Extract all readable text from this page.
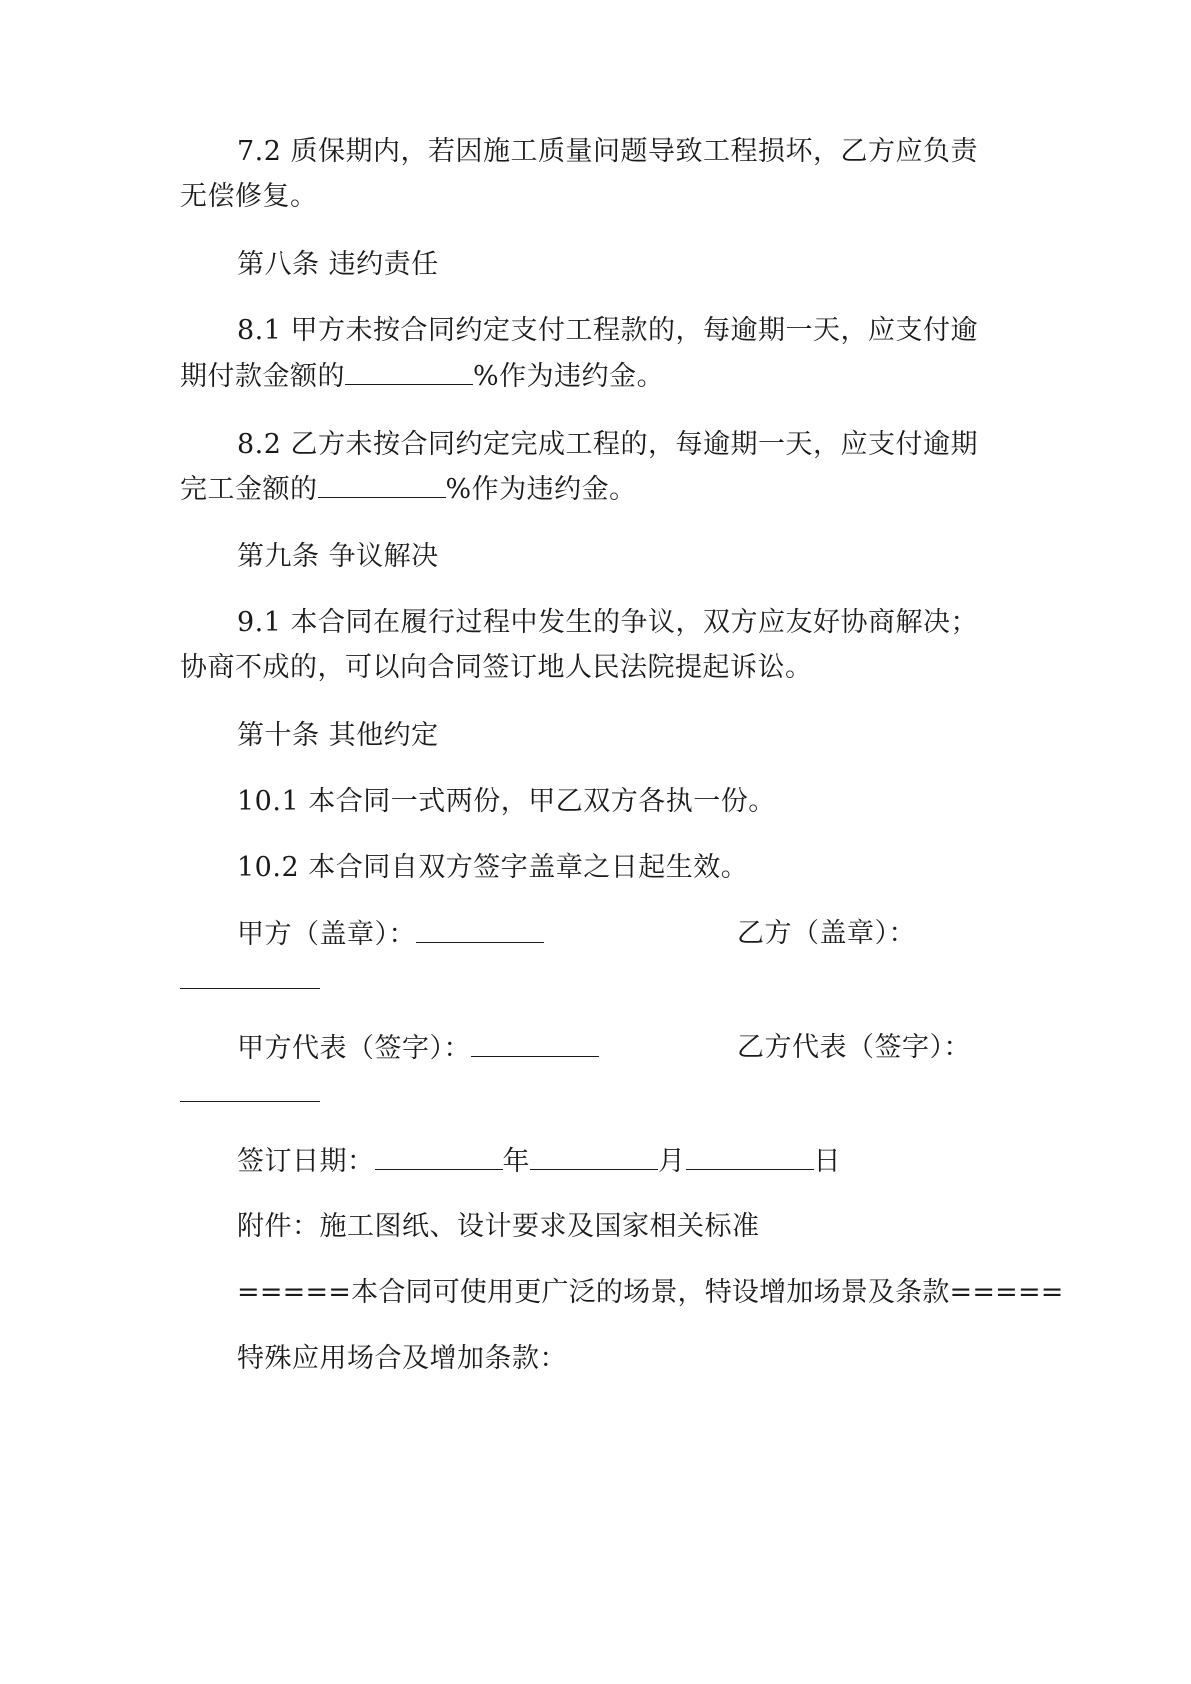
7.2 质保期内，若因施工质量问题导致工程损坏，乙方应负责
无偿修复。
第八条 违约责任
8.1 甲方未按合同约定支付工程款的，每逾期一天，应支付逾
期付款金额的	%作为违约金。
8.2 乙方未按合同约定完成工程的，每逾期一天，应支付逾期
完工金额的	%作为违约金。
第九条 争议解决
9.1 本合同在履行过程中发生的争议，双方应友好协商解决；
协商不成的，可以向合同签订地人民法院提起诉讼。
第十条 其他约定
10.1 本合同一式两份，甲乙双方各执一份。
10.2 本合同自双方签字盖章之日起生效。
甲方（盖章）：	乙方（盖章）：
甲方代表（签字）：	乙方代表（签字）：
签订日期：	年	月	日
附件：施工图纸、设计要求及国家相关标准
=====本合同可使用更广泛的场景，特设增加场景及条款=====
特殊应用场合及增加条款：
